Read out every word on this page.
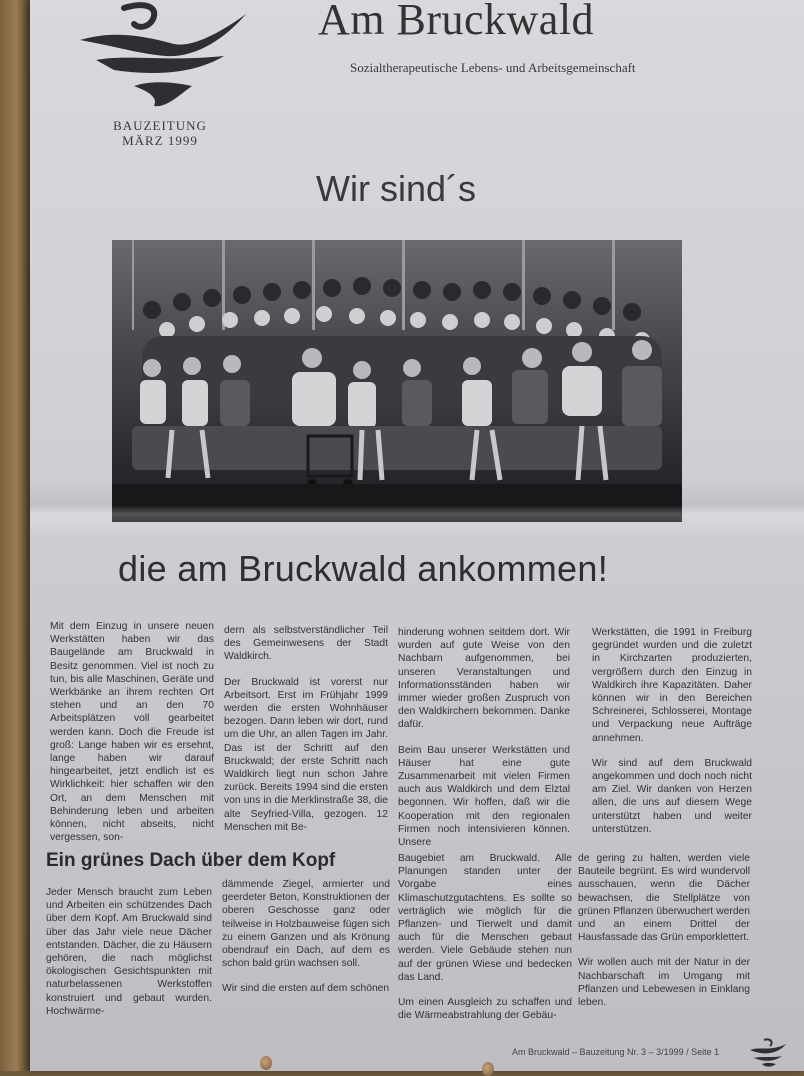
BAUZEITUNG
MÄRZ 1999
Am Bruckwald
Sozialtherapeutische Lebens- und Arbeitsgemeinschaft
Wir sind´s
die am Bruckwald ankommen!

Mit dem Einzug in unsere neuen Werkstätten haben wir das Baugelände am Bruckwald in Besitz genommen. Viel ist noch zu tun, bis alle Maschinen, Geräte und Werkbänke an ihrem rechten Ort stehen und an den 70 Arbeitsplätzen voll gearbeitet werden kann. Doch die Freude ist groß: Lange haben wir es ersehnt, lange haben wir darauf hingearbeitet, jetzt endlich ist es Wirklichkeit: hier schaffen wir den Ort, an dem Menschen mit Behinderung leben und arbeiten können, nicht abseits, nicht vergessen, son-

dern als selbstverständlicher Teil des Gemeinwesens der Stadt Waldkirch.

Der Bruckwald ist vorerst nur Arbeitsort. Erst im Frühjahr 1999 werden die ersten Wohnhäuser bezogen. Dann leben wir dort, rund um die Uhr, an allen Tagen im Jahr. Das ist der Schritt auf den Bruckwald; der erste Schritt nach Waldkirch liegt nun schon Jahre zurück. Bereits 1994 sind die ersten von uns in die Merklinstraße 38, die alte Seyfried-Villa, gezogen. 12 Menschen mit Be-

hinderung wohnen seitdem dort. Wir wurden auf gute Weise von den Nachbarn aufgenommen, bei unseren Veranstaltungen und Informationsständen haben wir immer wieder großen Zuspruch von den Waldkirchern bekommen. Danke dafür.

Beim Bau unserer Werkstätten und Häuser hat eine gute Zusammenarbeit mit vielen Firmen auch aus Waldkirch und dem Elztal begonnen. Wir hoffen, daß wir die Kooperation mit den regionalen Firmen noch intensivieren können. Unsere

Werkstätten, die 1991 in Freiburg gegründet wurden und die zuletzt in Kirchzarten produzierten, vergrößern durch den Einzug in Waldkirch ihre Kapazitäten. Daher können wir in den Bereichen Schreinerei, Schlosserei, Montage und Verpackung neue Aufträge annehmen.

Wir sind auf dem Bruckwald angekommen und doch noch nicht am Ziel. Wir danken von Herzen allen, die uns auf diesem Wege unterstützt haben und weiter unterstützen.

Ein grünes Dach über dem Kopf

Jeder Mensch braucht zum Leben und Arbeiten ein schützendes Dach über dem Kopf. Am Bruckwald sind über das Jahr viele neue Dächer entstanden. Dächer, die zu Häusern gehören, die nach möglichst ökologischen Gesichtspunkten mit naturbelassenen Werkstoffen konstruiert und gebaut wurden. Hochwärme-

dämmende Ziegel, armierter und geerdeter Beton, Konstruktionen der oberen Geschosse ganz oder teilweise in Holzbauweise fügen sich zu einem Ganzen und als Krönung obendrauf ein Dach, auf dem es schon bald grün wachsen soll.

Wir sind die ersten auf dem schönen

Baugebiet am Bruckwald. Alle Planungen standen unter der Vorgabe eines Klimaschutzgutachtens. Es sollte so verträglich wie möglich für die Pflanzen- und Tierwelt und damit auch für die Menschen gebaut werden. Viele Gebäude stehen nun auf der grünen Wiese und bedecken das Land.

Um einen Ausgleich zu schaffen und die Wärmeabstrahlung der Gebäu-

de gering zu halten, werden viele Bauteile begrünt. Es wird wundervoll ausschauen, wenn die Dächer bewachsen, die Stellplätze von grünen Pflanzen überwuchert werden und an einem Drittel der Hausfassade das Grün emporklettert.

Wir wollen auch mit der Natur in der Nachbarschaft im Umgang mit Pflanzen und Lebewesen in Einklang leben.

Am Bruckwald – Bauzeitung Nr. 3 – 3/1999 / Seite 1
